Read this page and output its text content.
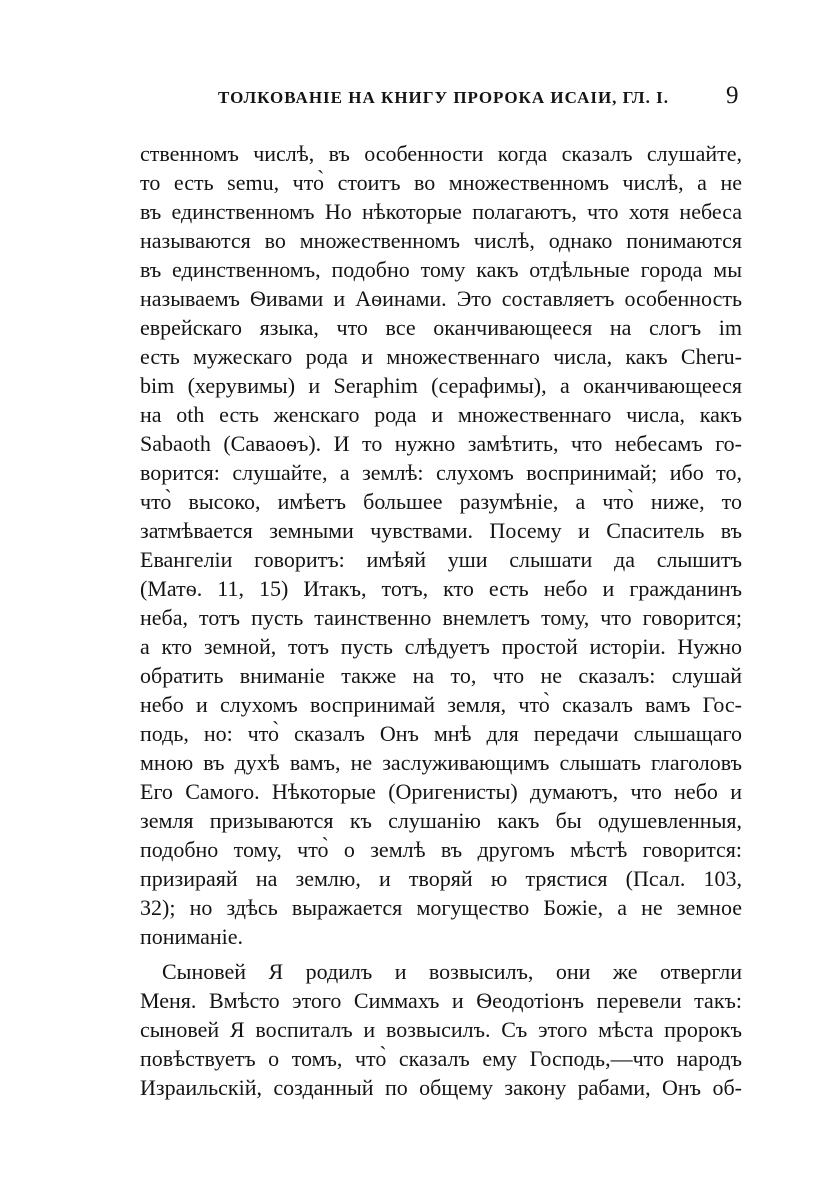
ТОЛКОВАНІЕ НА КНИГУ ПРОРОКА ИСАІИ, ГЛ. I. 9
ственномъ числѣ, въ особенности когда сказалъ слушайте,
то есть semu, что̀ стоитъ во множественномъ числѣ, а не
въ единственномъ Но нѣкоторые полагаютъ, что хотя небеса
называются во множественномъ числѣ, однако понимаются
въ единственномъ, подобно тому какъ отдѣльные города мы
называемъ Ѳивами и Аѳинами. Это составляетъ особенность
еврейскаго языка, что все оканчивающееся на слогъ im
есть мужескаго рода и множественнаго числа, какъ Cheru-
bim (херувимы) и Seraphim (серафимы), а оканчивающееся
на oth есть женскаго рода и множественнаго числа, какъ
Sabaoth (Саваоѳъ). И то нужно замѣтить, что небесамъ го-
ворится: слушайте, а землѣ: слухомъ воспринимай; ибо то,
что̀ высоко, имѣетъ большее разумѣніе, а что̀ ниже, то
затмѣвается земными чувствами. Посему и Спаситель въ
Евангеліи говоритъ: имѣяй уши слышати да слышитъ
(Матѳ. 11, 15) Итакъ, тотъ, кто есть небо и гражданинъ
неба, тотъ пусть таинственно внемлетъ тому, что говорится;
а кто земной, тотъ пусть слѣдуетъ простой исторіи. Нужно
обратить вниманіе также на то, что не сказалъ: слушай
небо и слухомъ воспринимай земля, что̀ сказалъ вамъ Гос-
подь, но: что̀ сказалъ Онъ мнѣ для передачи слышащаго
мною въ духѣ вамъ, не заслуживающимъ слышать глаголовъ
Его Самого. Нѣкоторые (Оригенисты) думаютъ, что небо и
земля призываются къ слушанію какъ бы одушевленныя,
подобно тому, что̀ о землѣ въ другомъ мѣстѣ говорится:
призираяй на землю, и творяй ю трястися (Псал. 103,
32); но здѣсь выражается могущество Божіе, а не земное
пониманіе.
Сыновей Я родилъ и возвысилъ, они же отвергли
Меня. Вмѣсто этого Симмахъ и Ѳеодотіонъ перевели такъ:
сыновей Я воспиталъ и возвысилъ. Съ этого мѣста пророкъ
повѣствуетъ о томъ, что̀ сказалъ ему Господь,—что народъ
Израильскій, созданный по общему закону рабами, Онъ об-
